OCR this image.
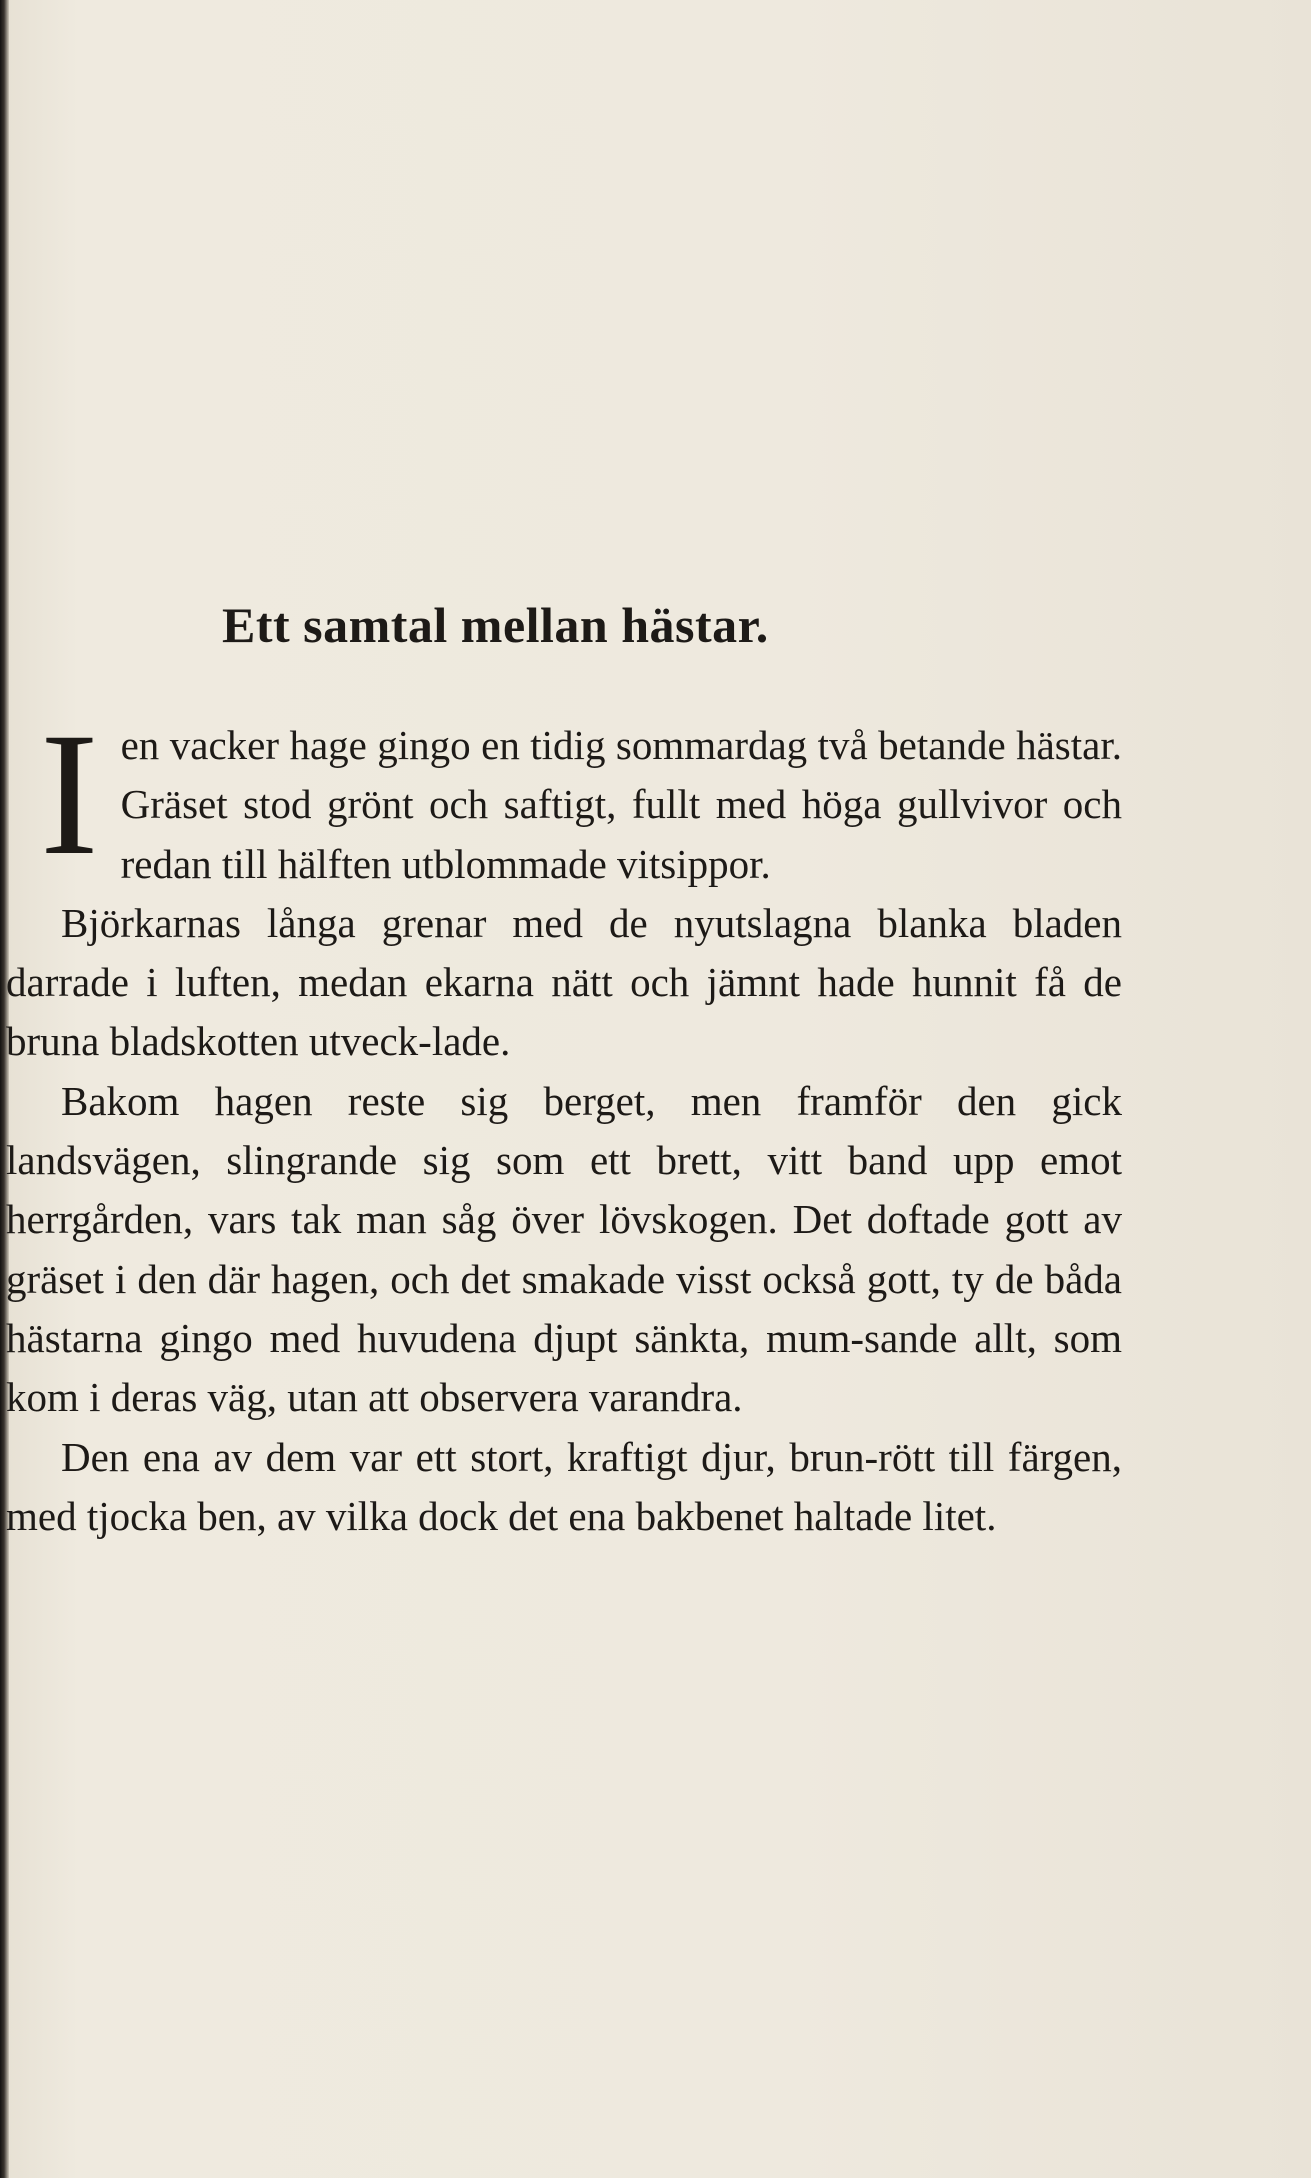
Ett samtal mellan hästar.

I en vacker hage gingo en tidig sommardag två betande hästar. Gräset stod grönt och saftigt, fullt med höga gullvivor och redan till hälften utblommade vitsippor.

Björkarnas långa grenar med de nyutslagna blanka bladen darrade i luften, medan ekarna nätt och jämnt hade hunnit få de bruna bladskotten utveck-lade.

Bakom hagen reste sig berget, men framför den gick landsvägen, slingrande sig som ett brett, vitt band upp emot herrgården, vars tak man såg över lövskogen. Det doftade gott av gräset i den där hagen, och det smakade visst också gott, ty de båda hästarna gingo med huvudena djupt sänkta, mum-sande allt, som kom i deras väg, utan att observera varandra.

Den ena av dem var ett stort, kraftigt djur, brun-rött till färgen, med tjocka ben, av vilka dock det ena bakbenet haltade litet.
